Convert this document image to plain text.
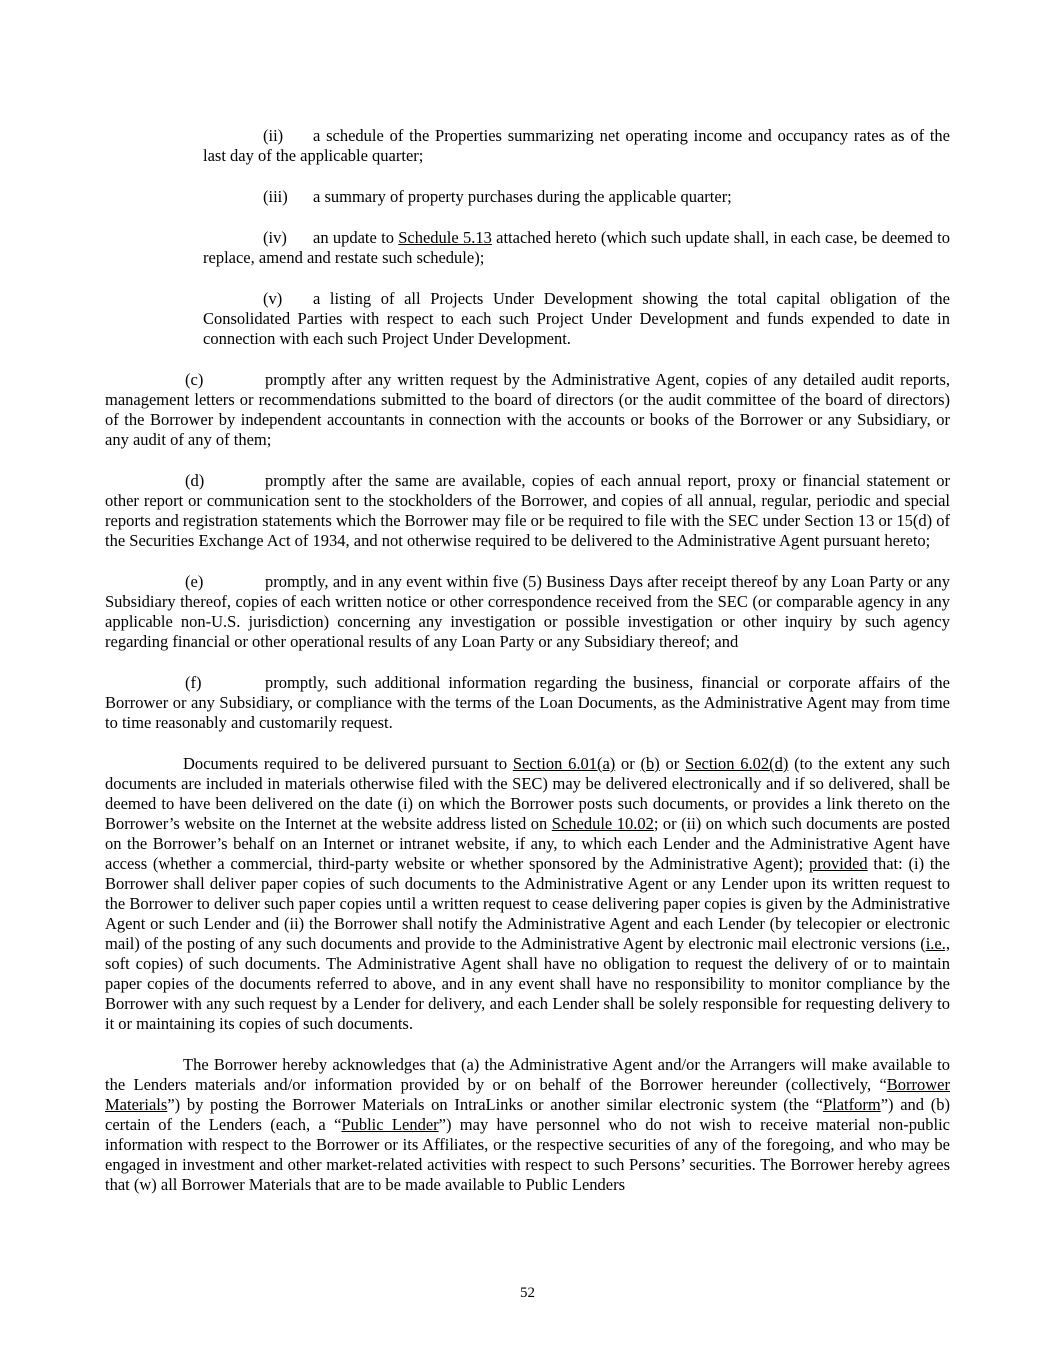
(ii) a schedule of the Properties summarizing net operating income and occupancy rates as of the last day of the applicable quarter;

(iii) a summary of property purchases during the applicable quarter;

(iv) an update to Schedule 5.13 attached hereto (which such update shall, in each case, be deemed to replace, amend and restate such schedule);

(v) a listing of all Projects Under Development showing the total capital obligation of the Consolidated Parties with respect to each such Project Under Development and funds expended to date in connection with each such Project Under Development.

(c)	promptly after any written request by the Administrative Agent, copies of any detailed audit reports, management letters or recommendations submitted to the board of directors (or the audit committee of the board of directors) of the Borrower by independent accountants in connection with the accounts or books of the Borrower or any Subsidiary, or any audit of any of them;

(d)	promptly after the same are available, copies of each annual report, proxy or financial statement or other report or communication sent to the stockholders of the Borrower, and copies of all annual, regular, periodic and special reports and registration statements which the Borrower may file or be required to file with the SEC under Section 13 or 15(d) of the Securities Exchange Act of 1934, and not otherwise required to be delivered to the Administrative Agent pursuant hereto;

(e)	promptly, and in any event within five (5) Business Days after receipt thereof by any Loan Party or any Subsidiary thereof, copies of each written notice or other correspondence received from the SEC (or comparable agency in any applicable non-U.S. jurisdiction) concerning any investigation or possible investigation or other inquiry by such agency regarding financial or other operational results of any Loan Party or any Subsidiary thereof; and

(f)	promptly, such additional information regarding the business, financial or corporate affairs of the Borrower or any Subsidiary, or compliance with the terms of the Loan Documents, as the Administrative Agent may from time to time reasonably and customarily request.

Documents required to be delivered pursuant to Section 6.01(a) or (b) or Section 6.02(d) (to the extent any such documents are included in materials otherwise filed with the SEC) may be delivered electronically and if so delivered, shall be deemed to have been delivered on the date (i) on which the Borrower posts such documents, or provides a link thereto on the Borrower’s website on the Internet at the website address listed on Schedule 10.02; or (ii) on which such documents are posted on the Borrower’s behalf on an Internet or intranet website, if any, to which each Lender and the Administrative Agent have access (whether a commercial, third-party website or whether sponsored by the Administrative Agent); provided that: (i) the Borrower shall deliver paper copies of such documents to the Administrative Agent or any Lender upon its written request to the Borrower to deliver such paper copies until a written request to cease delivering paper copies is given by the Administrative Agent or such Lender and (ii) the Borrower shall notify the Administrative Agent and each Lender (by telecopier or electronic mail) of the posting of any such documents and provide to the Administrative Agent by electronic mail electronic versions (i.e., soft copies) of such documents. The Administrative Agent shall have no obligation to request the delivery of or to maintain paper copies of the documents referred to above, and in any event shall have no responsibility to monitor compliance by the Borrower with any such request by a Lender for delivery, and each Lender shall be solely responsible for requesting delivery to it or maintaining its copies of such documents.

The Borrower hereby acknowledges that (a) the Administrative Agent and/or the Arrangers will make available to the Lenders materials and/or information provided by or on behalf of the Borrower hereunder (collectively, “Borrower Materials”) by posting the Borrower Materials on IntraLinks or another similar electronic system (the “Platform”) and (b) certain of the Lenders (each, a “Public Lender”) may have personnel who do not wish to receive material non-public information with respect to the Borrower or its Affiliates, or the respective securities of any of the foregoing, and who may be engaged in investment and other market-related activities with respect to such Persons’ securities. The Borrower hereby agrees that (w) all Borrower Materials that are to be made available to Public Lenders

52
